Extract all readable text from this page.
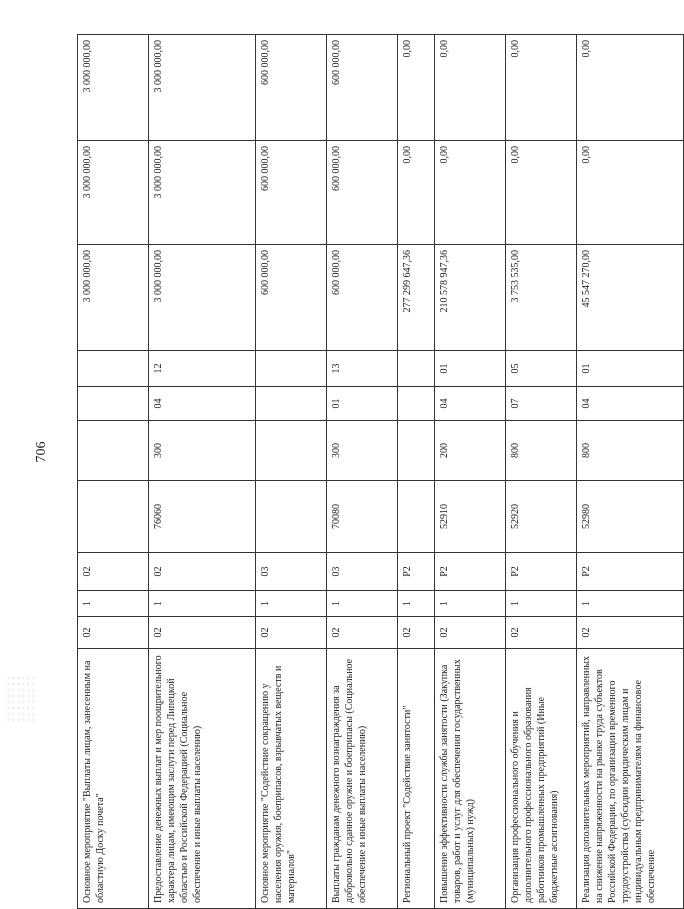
706
Основное мероприятие "Выплаты лицам, занесенным на областную Доску почета"	02	1	02					3 000 000,00	3 000 000,00	3 000 000,00
Предоставление денежных выплат и мер поощрительного характера лицам, имеющим заслуги перед Липецкой областью и Российской Федерацией (Социальное обеспечение и иные выплаты населению)	02	1	02	76060	300	04	12	3 000 000,00	3 000 000,00	3 000 000,00
Основное мероприятие "Содействие сокращению у населения оружия, боеприпасов, взрывчатых веществ и материалов"	02	1	03					600 000,00	600 000,00	600 000,00
Выплаты гражданам денежного вознаграждения за добровольно сданное оружие и боеприпасы (Социальное обеспечение и иные выплаты населению)	02	1	03	70080	300	01	13	600 000,00	600 000,00	600 000,00
Региональный проект "Содействие занятости"	02	1	P2					277 299 647,36	0,00	0,00
Повышение эффективности службы занятости (Закупка товаров, работ и услуг для обеспечения государственных (муниципальных) нужд)	02	1	P2	52910	200	04	01	210 578 947,36	0,00	0,00
Организация профессионального обучения и дополнительного профессионального образования работников промышленных предприятий (Иные бюджетные ассигнования)	02	1	P2	52920	800	07	05	3 753 535,00	0,00	0,00
Реализация дополнительных мероприятий, направленных на снижение напряженности на рынке труда субъектов Российской Федерации, по организации временного трудоустройства (субсидии юридическим лицам и индивидуальным предпринимателям на финансовое обеспечение	02	1	P2	52980	800	04	01	45 547 270,00	0,00	0,00
